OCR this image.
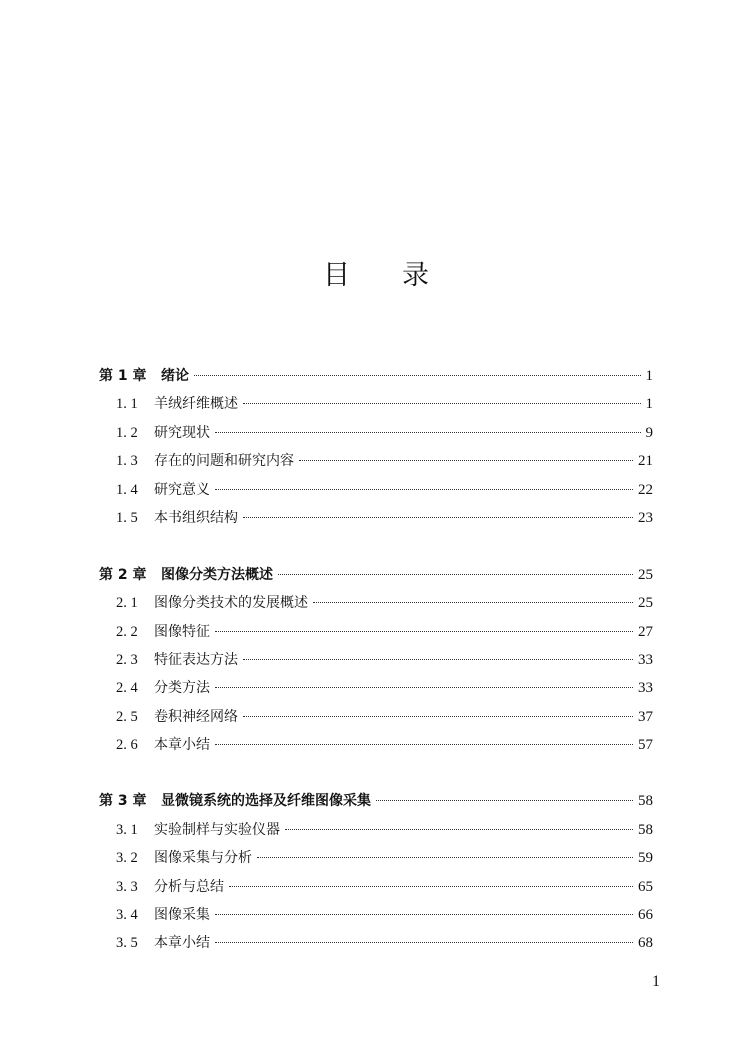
目 录
第 1 章	绪论	1
1. 1	羊绒纤维概述	1
1. 2	研究现状	9
1. 3	存在的问题和研究内容	21
1. 4	研究意义	22
1. 5	本书组织结构	23
第 2 章	图像分类方法概述	25
2. 1	图像分类技术的发展概述	25
2. 2	图像特征	27
2. 3	特征表达方法	33
2. 4	分类方法	33
2. 5	卷积神经网络	37
2. 6	本章小结	57
第 3 章	显微镜系统的选择及纤维图像采集	58
3. 1	实验制样与实验仪器	58
3. 2	图像采集与分析	59
3. 3	分析与总结	65
3. 4	图像采集	66
3. 5	本章小结	68
1
